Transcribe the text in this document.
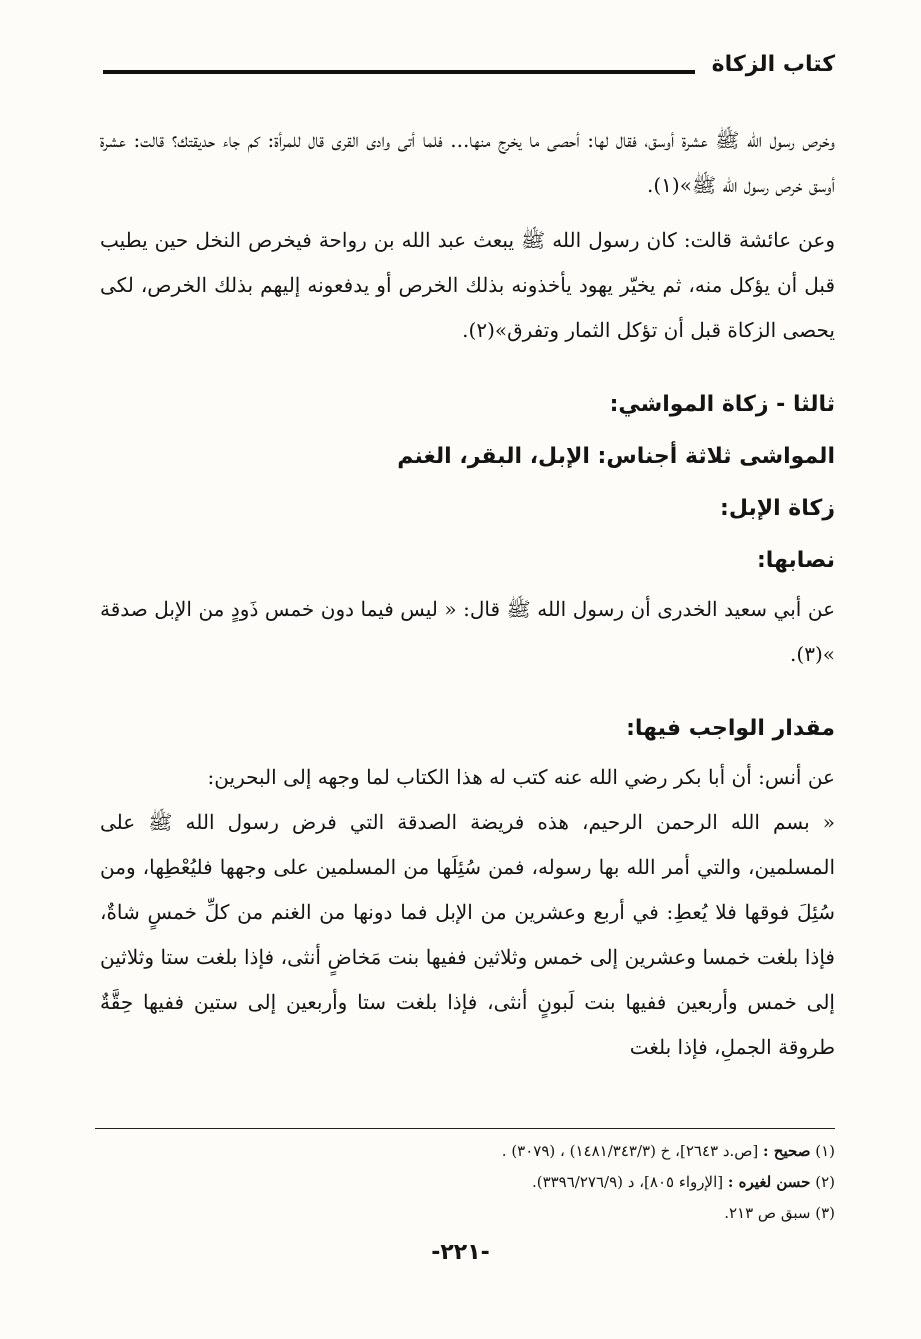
كتاب الزكاة

وخرص رسول الله ﷺ عشرة أوسق، فقال لها: أحصى ما يخرج منها... فلما أتى وادى القرى قال للمرأة: كم جاء حديقتك؟ قالت: عشرة أوسق خرص رسول الله ﷺ»(١).

وعن عائشة قالت: كان رسول الله ﷺ يبعث عبد الله بن رواحة فيخرص النخل حين يطيب قبل أن يؤكل منه، ثم يخيّر يهود يأخذونه بذلك الخرص أو يدفعونه إليهم بذلك الخرص، لكى يحصى الزكاة قبل أن تؤكل الثمار وتفرق»(٢).

ثالثا - زكاة المواشي:
المواشى ثلاثة أجناس: الإبل، البقر، الغنم
زكاة الإبل:
نصابها:

عن أبي سعيد الخدرى أن رسول الله ﷺ قال: « ليس فيما دون خمس ذَودٍ من الإبل صدقة »(٣).

مقدار الواجب فيها:

عن أنس: أن أبا بكر رضي الله عنه كتب له هذا الكتاب لما وجهه إلى البحرين:

« بسم الله الرحمن الرحيم، هذه فريضة الصدقة التي فرض رسول الله ﷺ على المسلمين، والتي أمر الله بها رسوله، فمن سُئِلَها من المسلمين على وجهها فليُعْطِها، ومن سُئِلَ فوقها فلا يُعطِ: في أربع وعشرين من الإبل فما دونها من الغنم من كلِّ خمسٍ شاةٌ، فإذا بلغت خمسا وعشرين إلى خمس وثلاثين ففيها بنت مَخاضٍ أنثى، فإذا بلغت ستا وثلاثين إلى خمس وأربعين ففيها بنت لَبونٍ أنثى، فإذا بلغت ستا وأربعين إلى ستين ففيها حِقَّةٌ طروقة الجملِ، فإذا بلغت

(١) صحيح : [ص.د ٢٦٤٣]، خ (١٤٨١/٣٤٣/٣) ، (٣٠٧٩) .

(٢) حسن لغيره : [الإرواء ٨٠٥]، د (٣٣٩٦/٢٧٦/٩).

(٣) سبق ص ٢١٣.

-٢٢١-
